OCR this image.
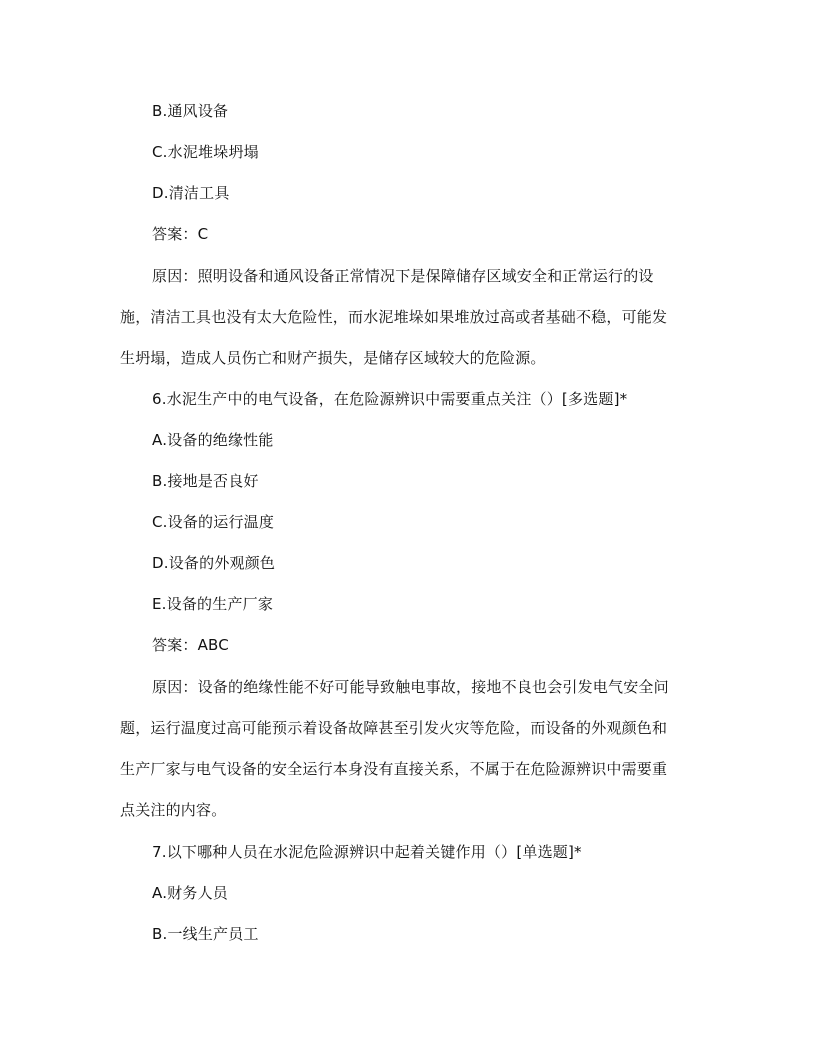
B.通风设备
C.水泥堆垛坍塌
D.清洁工具
答案：C
原因：照明设备和通风设备正常情况下是保障储存区域安全和正常运行的设
施，清洁工具也没有太大危险性，而水泥堆垛如果堆放过高或者基础不稳，可能发
生坍塌，造成人员伤亡和财产损失，是储存区域较大的危险源。
6.水泥生产中的电气设备，在危险源辨识中需要重点关注（）[多选题]*
A.设备的绝缘性能
B.接地是否良好
C.设备的运行温度
D.设备的外观颜色
E.设备的生产厂家
答案：ABC
原因：设备的绝缘性能不好可能导致触电事故，接地不良也会引发电气安全问
题，运行温度过高可能预示着设备故障甚至引发火灾等危险，而设备的外观颜色和
生产厂家与电气设备的安全运行本身没有直接关系，不属于在危险源辨识中需要重
点关注的内容。
7.以下哪种人员在水泥危险源辨识中起着关键作用（）[单选题]*
A.财务人员
B.一线生产员工
